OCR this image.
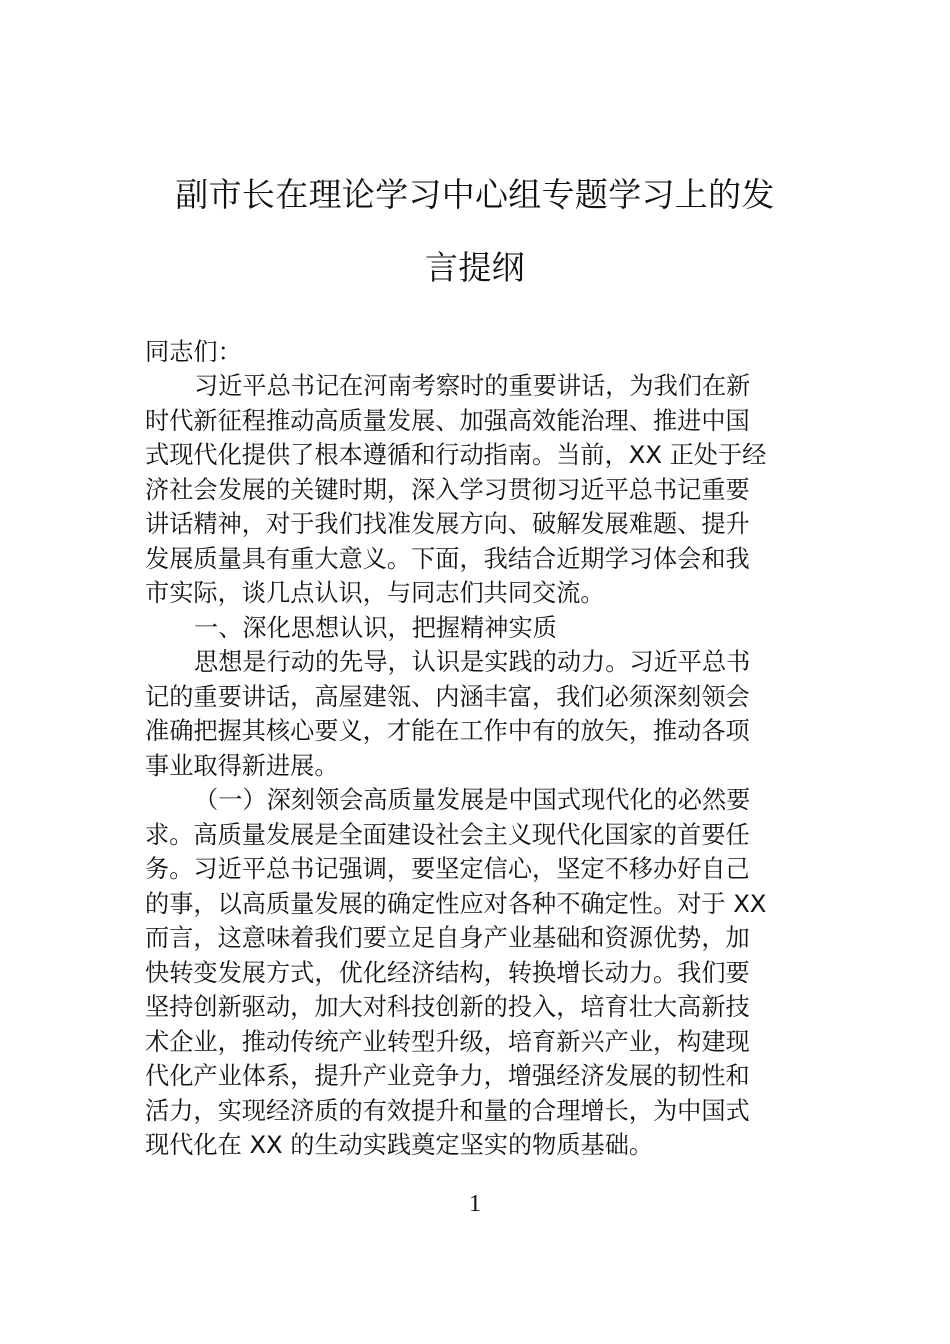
副市长在理论学习中心组专题学习上的发
言提纲
同志们：
习近平总书记在河南考察时的重要讲话，为我们在新
时代新征程推动高质量发展、加强高效能治理、推进中国
式现代化提供了根本遵循和行动指南。当前，XX 正处于经
济社会发展的关键时期，深入学习贯彻习近平总书记重要
讲话精神，对于我们找准发展方向、破解发展难题、提升
发展质量具有重大意义。下面，我结合近期学习体会和我
市实际，谈几点认识，与同志们共同交流。
一、深化思想认识，把握精神实质
思想是行动的先导，认识是实践的动力。习近平总书
记的重要讲话，高屋建瓴、内涵丰富，我们必须深刻领会
准确把握其核心要义，才能在工作中有的放矢，推动各项
事业取得新进展。
（一）深刻领会高质量发展是中国式现代化的必然要
求。高质量发展是全面建设社会主义现代化国家的首要任
务。习近平总书记强调，要坚定信心，坚定不移办好自己
的事，以高质量发展的确定性应对各种不确定性。对于 XX
而言，这意味着我们要立足自身产业基础和资源优势，加
快转变发展方式，优化经济结构，转换增长动力。我们要
坚持创新驱动，加大对科技创新的投入，培育壮大高新技
术企业，推动传统产业转型升级，培育新兴产业，构建现
代化产业体系，提升产业竞争力，增强经济发展的韧性和
活力，实现经济质的有效提升和量的合理增长，为中国式
现代化在 XX 的生动实践奠定坚实的物质基础。
1
